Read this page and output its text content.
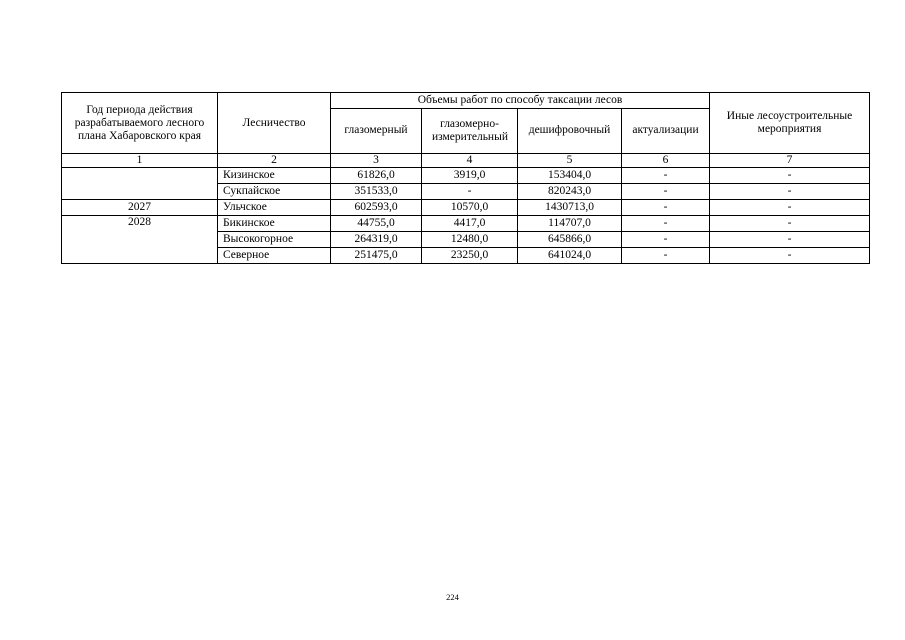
Год периода действия разрабатываемого лесного плана Хабаровского края	Лесничество	Объемы работ по способу таксации лесов				Иные лесоустроительные мероприятия
		глазомерный	глазомерно-измерительный	дешифровочный	актуализации	
1	2	3	4	5	6	7
	Кизинское	61826,0	3919,0	153404,0	-	-
	Сукпайское	351533,0	-	820243,0	-	-
2027	Ульчское	602593,0	10570,0	1430713,0	-	-
2028	Бикинское	44755,0	4417,0	114707,0	-	-
	Высокогорное	264319,0	12480,0	645866,0	-	-
	Северное	251475,0	23250,0	641024,0	-	-
224
